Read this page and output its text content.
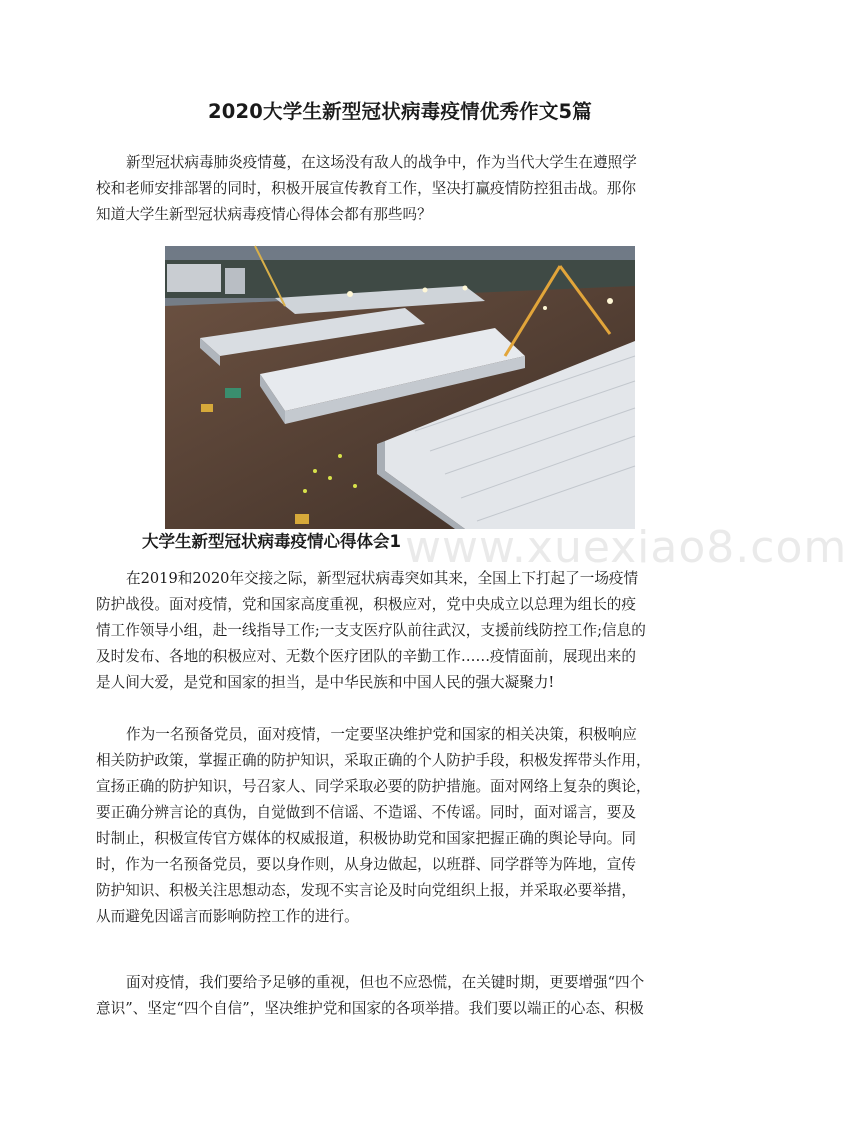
2020大学生新型冠状病毒疫情优秀作文5篇
新型冠状病毒肺炎疫情蔓，在这场没有敌人的战争中，作为当代大学生在遵照学
校和老师安排部署的同时，积极开展宣传教育工作，坚决打赢疫情防控狙击战。那你
知道大学生新型冠状病毒疫情心得体会都有那些吗？
www.xuexiao8.com
大学生新型冠状病毒疫情心得体会1
在2019和2020年交接之际，新型冠状病毒突如其来，全国上下打起了一场疫情
防护战役。面对疫情，党和国家高度重视，积极应对，党中央成立以总理为组长的疫
情工作领导小组，赴一线指导工作;一支支医疗队前往武汉，支援前线防控工作;信息的
及时发布、各地的积极应对、无数个医疗团队的辛勤工作……疫情面前，展现出来的
是人间大爱，是党和国家的担当，是中华民族和中国人民的强大凝聚力!
作为一名预备党员，面对疫情，一定要坚决维护党和国家的相关决策，积极响应
相关防护政策，掌握正确的防护知识，采取正确的个人防护手段，积极发挥带头作用，
宣扬正确的防护知识，号召家人、同学采取必要的防护措施。面对网络上复杂的舆论，
要正确分辨言论的真伪，自觉做到不信谣、不造谣、不传谣。同时，面对谣言，要及
时制止，积极宣传官方媒体的权威报道，积极协助党和国家把握正确的舆论导向。同
时，作为一名预备党员，要以身作则，从身边做起，以班群、同学群等为阵地，宣传
防护知识、积极关注思想动态，发现不实言论及时向党组织上报，并采取必要举措，
从而避免因谣言而影响防控工作的进行。
面对疫情，我们要给予足够的重视，但也不应恐慌，在关键时期，更要增强“四个
意识”、坚定“四个自信”，坚决维护党和国家的各项举措。我们要以端正的心态、积极
